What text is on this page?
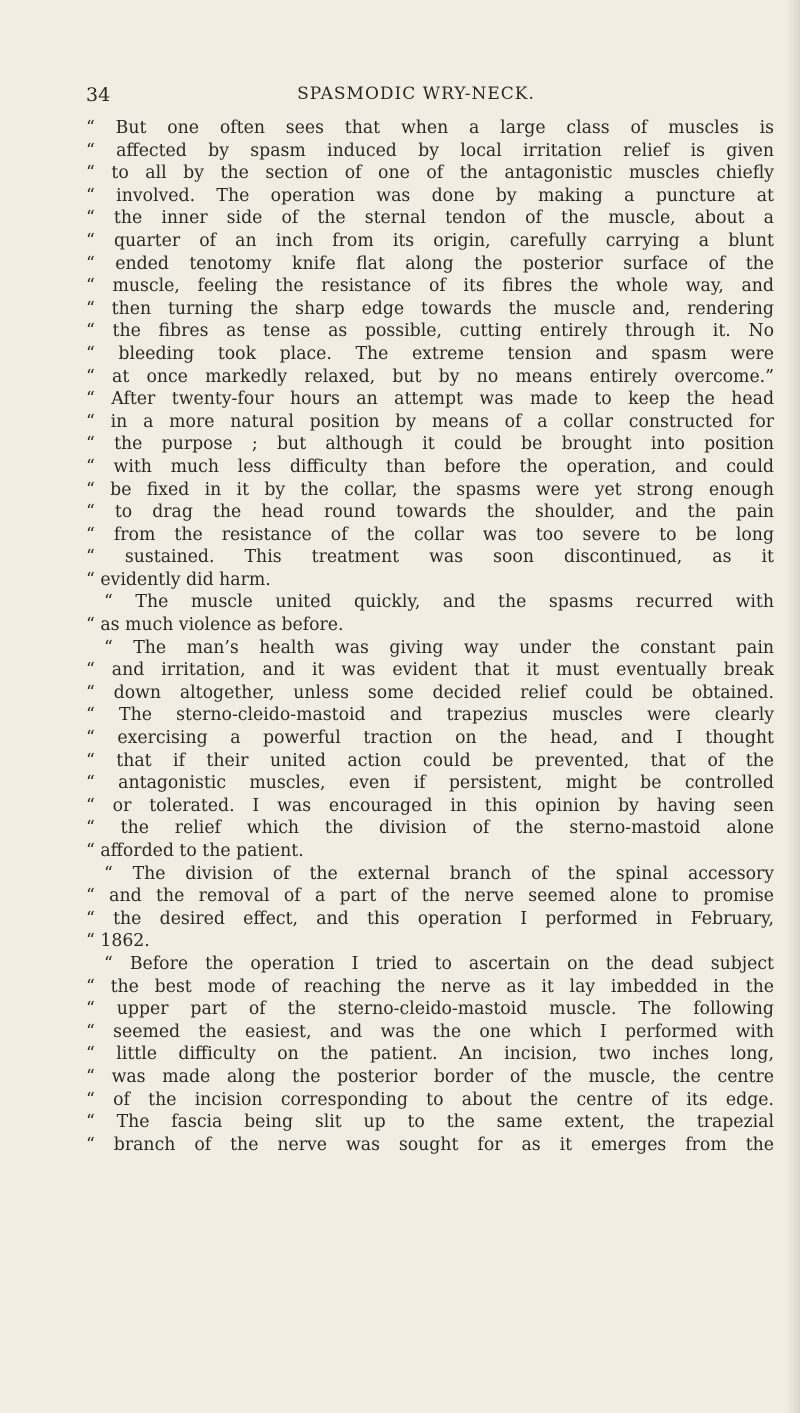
34	SPASMODIC WRY-NECK.
“ But one often sees that when a large class of muscles is
“ affected by spasm induced by local irritation relief is given
“ to all by the section of one of the antagonistic muscles chiefly
“ involved. The operation was done by making a puncture at
“ the inner side of the sternal tendon of the muscle, about a
“ quarter of an inch from its origin, carefully carrying a blunt
“ ended tenotomy knife flat along the posterior surface of the
“ muscle, feeling the resistance of its fibres the whole way, and
“ then turning the sharp edge towards the muscle and, rendering
“ the fibres as tense as possible, cutting entirely through it. No
“ bleeding took place. The extreme tension and spasm were
“ at once markedly relaxed, but by no means entirely overcome.”
“ After twenty-four hours an attempt was made to keep the head
“ in a more natural position by means of a collar constructed for
“ the purpose ; but although it could be brought into position
“ with much less difficulty than before the operation, and could
“ be fixed in it by the collar, the spasms were yet strong enough
“ to drag the head round towards the shoulder, and the pain
“ from the resistance of the collar was too severe to be long
“ sustained. This treatment was soon discontinued, as it
“ evidently did harm.
“ The muscle united quickly, and the spasms recurred with
“ as much violence as before.
“ The man’s health was giving way under the constant pain
“ and irritation, and it was evident that it must eventually break
“ down altogether, unless some decided relief could be obtained.
“ The sterno-cleido-mastoid and trapezius muscles were clearly
“ exercising a powerful traction on the head, and I thought
“ that if their united action could be prevented, that of the
“ antagonistic muscles, even if persistent, might be controlled
“ or tolerated. I was encouraged in this opinion by having seen
“ the relief which the division of the sterno-mastoid alone
“ afforded to the patient.
“ The division of the external branch of the spinal accessory
“ and the removal of a part of the nerve seemed alone to promise
“ the desired effect, and this operation I performed in February,
“ 1862.
“ Before the operation I tried to ascertain on the dead subject
“ the best mode of reaching the nerve as it lay imbedded in the
“ upper part of the sterno-cleido-mastoid muscle. The following
“ seemed the easiest, and was the one which I performed with
“ little difficulty on the patient. An incision, two inches long,
“ was made along the posterior border of the muscle, the centre
“ of the incision corresponding to about the centre of its edge.
“ The fascia being slit up to the same extent, the trapezial
“ branch of the nerve was sought for as it emerges from the
